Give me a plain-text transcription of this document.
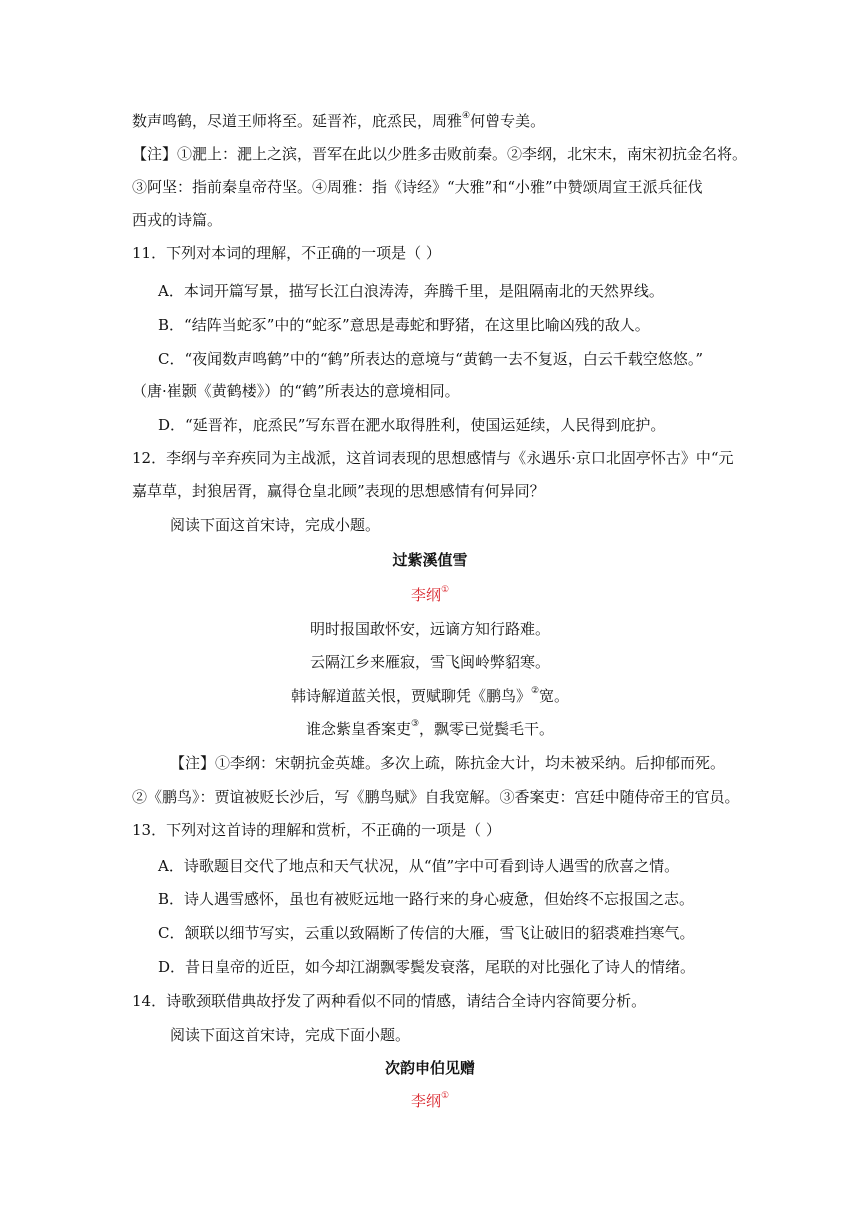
数声鸣鹤，尽道王师将至。延晋祚，庇烝民，周雅④何曾专美。
【注】①淝上：淝上之滨，晋军在此以少胜多击败前秦。②李纲，北宋末，南宋初抗金名将。
③阿坚：指前秦皇帝苻坚。④周雅：指《诗经》“大雅”和“小雅”中赞颂周宣王派兵征伐
西戎的诗篇。
11．下列对本词的理解，不正确的一项是（ ）
A．本词开篇写景，描写长江白浪涛涛，奔腾千里，是阻隔南北的天然界线。
B．“结阵当蛇豕”中的“蛇豕”意思是毒蛇和野猪，在这里比喻凶残的敌人。
C．“夜闻数声鸣鹤”中的“鹤”所表达的意境与“黄鹤一去不复返，白云千载空悠悠。”
（唐·崔颢《黄鹤楼》）的“鹤”所表达的意境相同。
D．“延晋祚，庇烝民”写东晋在淝水取得胜利，使国运延续，人民得到庇护。
12．李纲与辛弃疾同为主战派，这首词表现的思想感情与《永遇乐·京口北固亭怀古》中“元
嘉草草，封狼居胥，赢得仓皇北顾”表现的思想感情有何异同？
阅读下面这首宋诗，完成小题。
过紫溪值雪
李纲①
明时报国敢怀安，远谪方知行路难。
云隔江乡来雁寂，雪飞闽岭弊貂寒。
韩诗解道蓝关恨，贾赋聊凭《鹏鸟》②宽。
谁念紫皇香案吏③，飘零已觉鬓毛干。
【注】①李纲：宋朝抗金英雄。多次上疏，陈抗金大计，均未被采纳。后抑郁而死。
②《鹏鸟》：贾谊被贬长沙后，写《鹏鸟赋》自我宽解。③香案吏：宫廷中随侍帝王的官员。
13．下列对这首诗的理解和赏析，不正确的一项是（ ）
A．诗歌题目交代了地点和天气状况，从“值”字中可看到诗人遇雪的欣喜之情。
B．诗人遇雪感怀，虽也有被贬远地一路行来的身心疲惫，但始终不忘报国之志。
C．颔联以细节写实，云重以致隔断了传信的大雁，雪飞让破旧的貂裘难挡寒气。
D．昔日皇帝的近臣，如今却江湖飘零鬓发衰落，尾联的对比强化了诗人的情绪。
14．诗歌颈联借典故抒发了两种看似不同的情感，请结合全诗内容简要分析。
阅读下面这首宋诗，完成下面小题。
次韵申伯见赠
李纲①
